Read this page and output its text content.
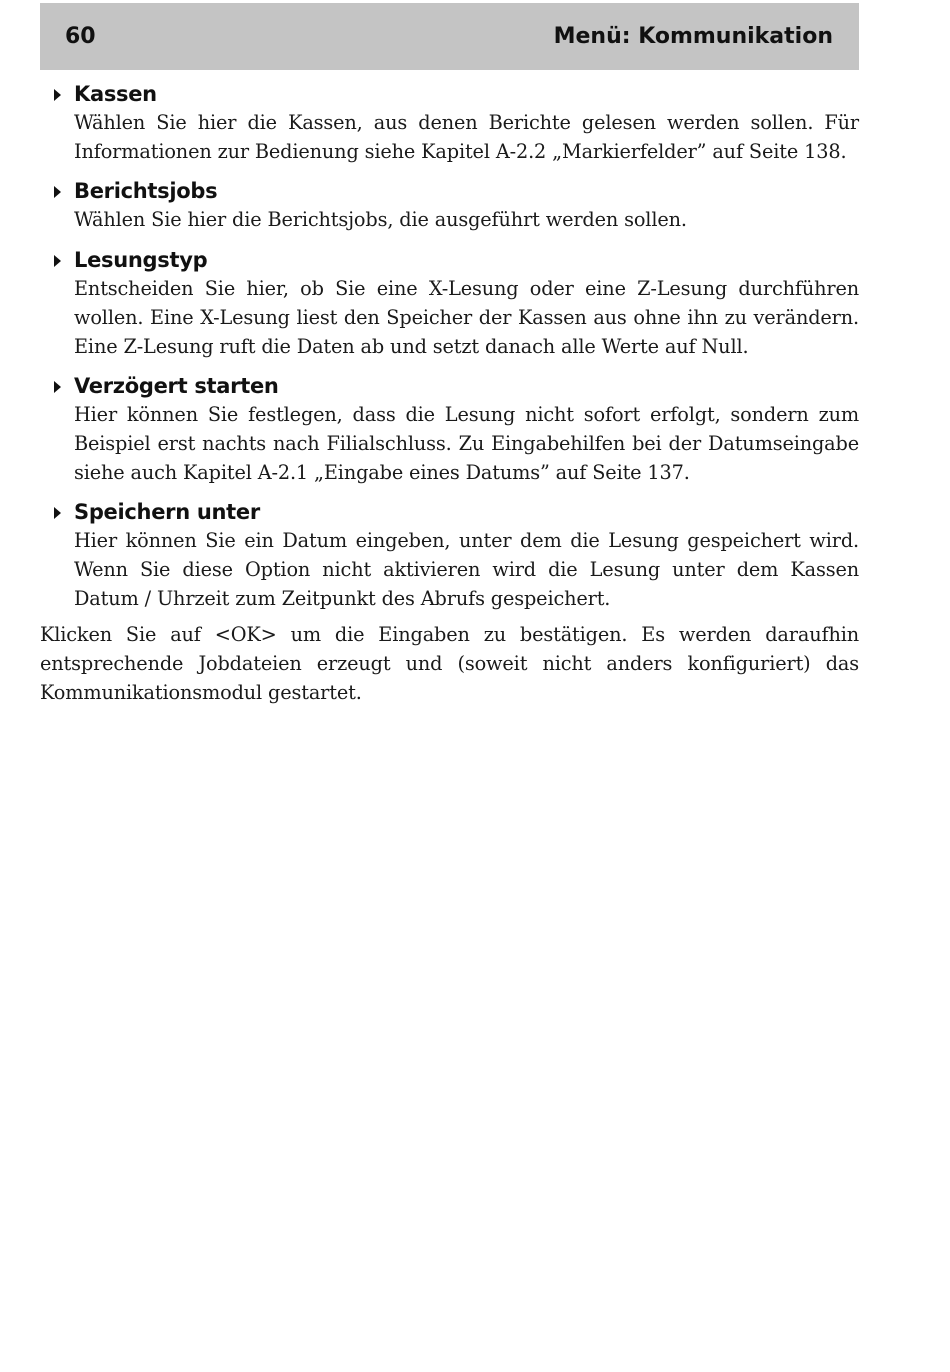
60	Menü: Kommunikation
Kassen

Wählen Sie hier die Kassen, aus denen Berichte gelesen werden sollen. Für Informationen zur Bedienung siehe Kapitel A-2.2 „Markierfelder” auf Seite 138.

Berichtsjobs

Wählen Sie hier die Berichtsjobs, die ausgeführt werden sollen.

Lesungstyp

Entscheiden Sie hier, ob Sie eine X-Lesung oder eine Z-Lesung durchführen wollen. Eine X-Lesung liest den Speicher der Kassen aus ohne ihn zu verändern. Eine Z-Lesung ruft die Daten ab und setzt danach alle Werte auf Null.

Verzögert starten

Hier können Sie festlegen, dass die Lesung nicht sofort erfolgt, sondern zum Beispiel erst nachts nach Filialschluss. Zu Eingabehilfen bei der Datumseingabe siehe auch Kapitel A-2.1 „Eingabe eines Datums” auf Seite 137.

Speichern unter

Hier können Sie ein Datum eingeben, unter dem die Lesung gespeichert wird. Wenn Sie diese Option nicht aktivieren wird die Lesung unter dem Kassen Datum / Uhrzeit zum Zeitpunkt des Abrufs gespeichert.

Klicken Sie auf <OK> um die Eingaben zu bestätigen. Es werden daraufhin entsprechende Jobdateien erzeugt und (soweit nicht anders konfiguriert) das Kommunikationsmodul gestartet.
